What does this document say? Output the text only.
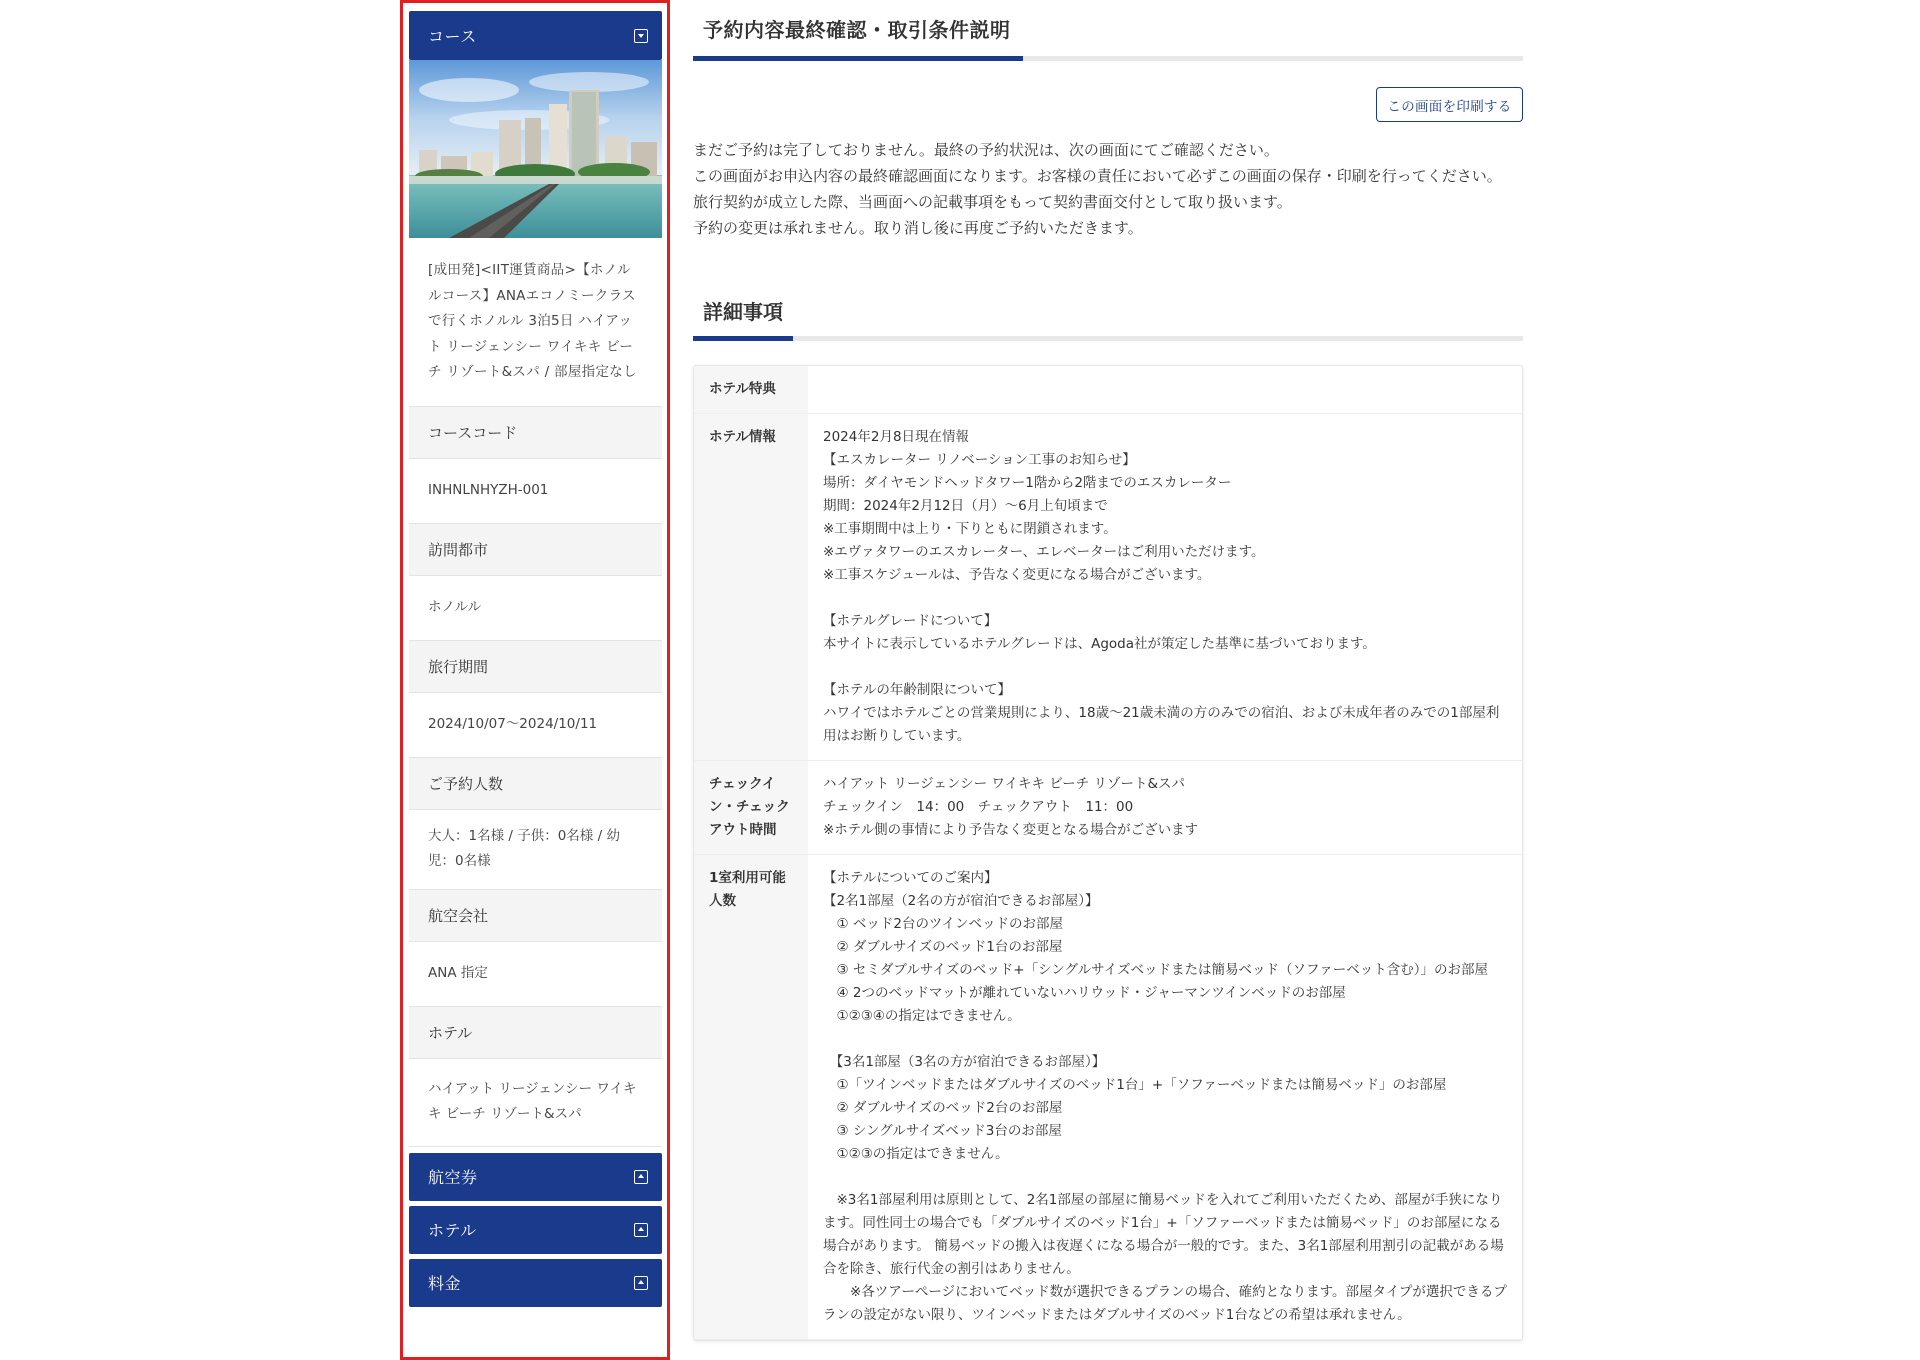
コース
[成田発]<IIT運賃商品>【ホノルルコース】ANAエコノミークラスで行くホノルル 3泊5日 ハイアット リージェンシー ワイキキ ビーチ リゾート&スパ / 部屋指定なし
コースコード
INHNLNHYZH-001
訪問都市
ホノルル
旅行期間
2024/10/07〜2024/10/11
ご予約人数
大人：1名様 / 子供：0名様 / 幼児：0名様
航空会社
ANA 指定
ホテル
ハイアット リージェンシー ワイキキ ビーチ リゾート&スパ
航空券
ホテル
料金
予約内容最終確認・取引条件説明
この画面を印刷する

まだご予約は完了しておりません。最終の予約状況は、次の画面にてご確認ください。

この画面がお申込内容の最終確認画面になります。お客様の責任において必ずこの画面の保存・印刷を行ってください。

旅行契約が成立した際、当画面への記載事項をもって契約書面交付として取り扱います。

予約の変更は承れません。取り消し後に再度ご予約いただきます。

詳細事項
ホテル特典

ホテル情報	2024年2月8日現在情報

【エスカレーター リノベーション工事のお知らせ】

場所：ダイヤモンドヘッドタワー1階から2階までのエスカレーター

期間：2024年2月12日（月）〜6月上旬頃まで

※工事期間中は上り・下りともに閉鎖されます。

※エヴァタワーのエスカレーター、エレベーターはご利用いただけます。

※工事スケジュールは、予告なく変更になる場合がございます。

【ホテルグレードについて】

本サイトに表示しているホテルグレードは、Agoda社が策定した基準に基づいております。

【ホテルの年齢制限について】

ハワイではホテルごとの営業規則により、18歳〜21歳未満の方のみでの宿泊、および未成年者のみでの1部屋利用はお断りしています。

チェックイン・チェックアウト時間

ハイアット リージェンシー ワイキキ ビーチ リゾート&スパ

チェックイン　14：00　チェックアウト　11：00

※ホテル側の事情により予告なく変更となる場合がございます

1室利用可能人数

【ホテルについてのご案内】

【2名1部屋（2名の方が宿泊できるお部屋）】

　① ベッド2台のツインベッドのお部屋

　② ダブルサイズのベッド1台のお部屋

　③ セミダブルサイズのベッド+「シングルサイズベッドまたは簡易ベッド（ソファーベット含む）」のお部屋

　④ 2つのベッドマットが離れていないハリウッド・ジャーマンツインベッドのお部屋

　①②③④の指定はできません。

　【3名1部屋（3名の方が宿泊できるお部屋）】

　①「ツインベッドまたはダブルサイズのベッド1台」+「ソファーベッドまたは簡易ベッド」のお部屋

　② ダブルサイズのベッド2台のお部屋

　③ シングルサイズベッド3台のお部屋

　①②③の指定はできません。

　※3名1部屋利用は原則として、2名1部屋の部屋に簡易ベッドを入れてご利用いただくため、部屋が手狭になります。同性同士の場合でも「ダブルサイズのベッド1台」+「ソファーベッドまたは簡易ベッド」のお部屋になる場合があります。 簡易ベッドの搬入は夜遅くになる場合が一般的です。また、3名1部屋利用割引の記載がある場合を除き、旅行代金の割引はありません。

　　※各ツアーページにおいてベッド数が選択できるプランの場合、確約となります。部屋タイプが選択できるプランの設定がない限り、ツインベッドまたはダブルサイズのベッド1台などの希望は承れません。
